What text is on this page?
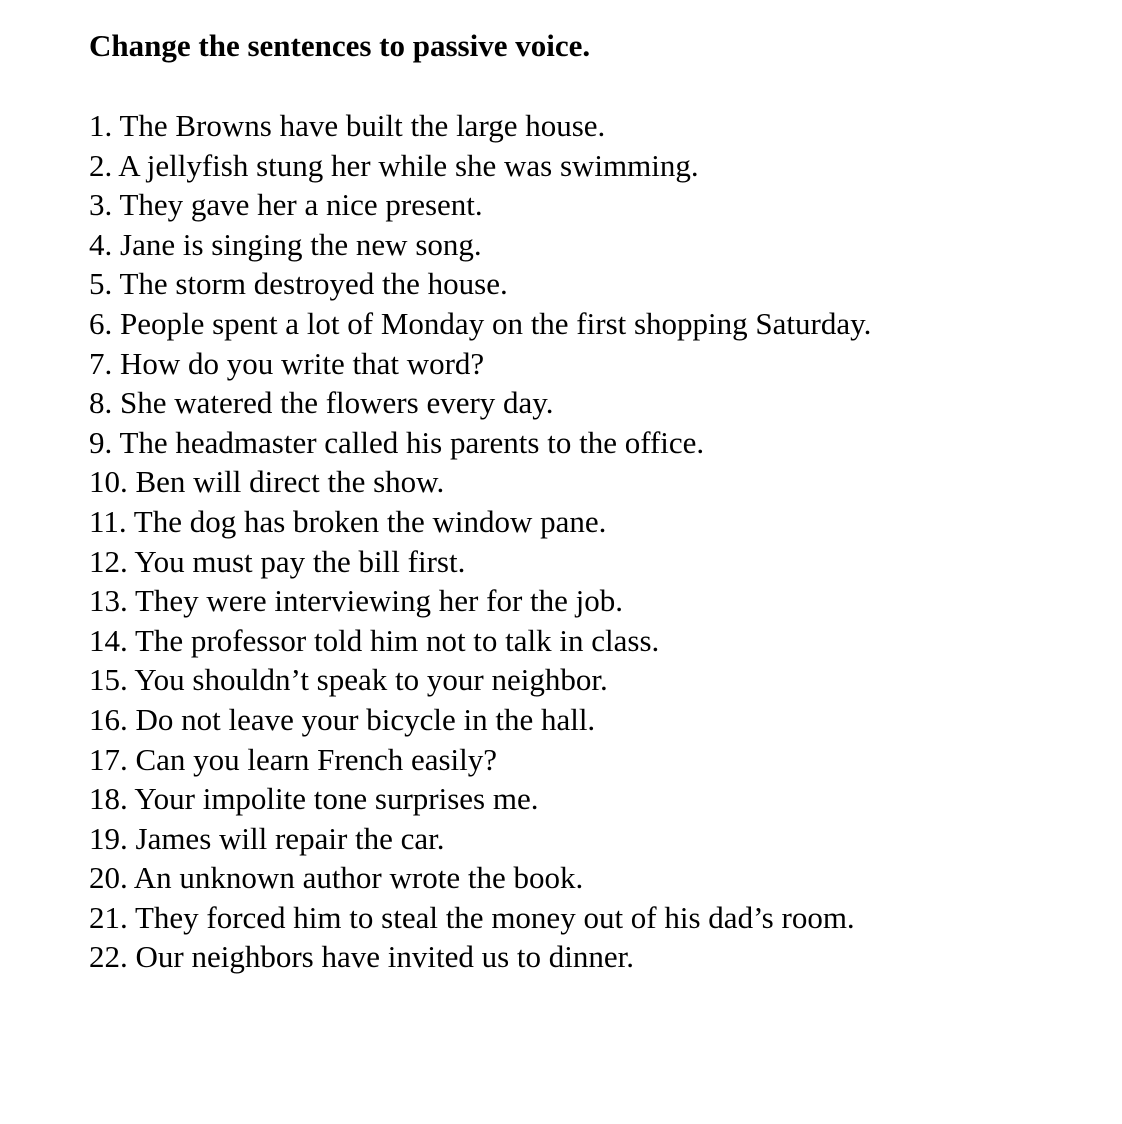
Change the sentences to passive voice.
1. The Browns have built the large house.
2. A jellyfish stung her while she was swimming.
3. They gave her a nice present.
4. Jane is singing the new song.
5. The storm destroyed the house.
6. People spent a lot of Monday on the first shopping Saturday.
7. How do you write that word?
8. She watered the flowers every day.
9. The headmaster called his parents to the office.
10. Ben will direct the show.
11. The dog has broken the window pane.
12. You must pay the bill first.
13. They were interviewing her for the job.
14. The professor told him not to talk in class.
15. You shouldn’t speak to your neighbor.
16. Do not leave your bicycle in the hall.
17. Can you learn French easily?
18. Your impolite tone surprises me.
19. James will repair the car.
20. An unknown author wrote the book.
21. They forced him to steal the money out of his dad’s room.
22. Our neighbors have invited us to dinner.
